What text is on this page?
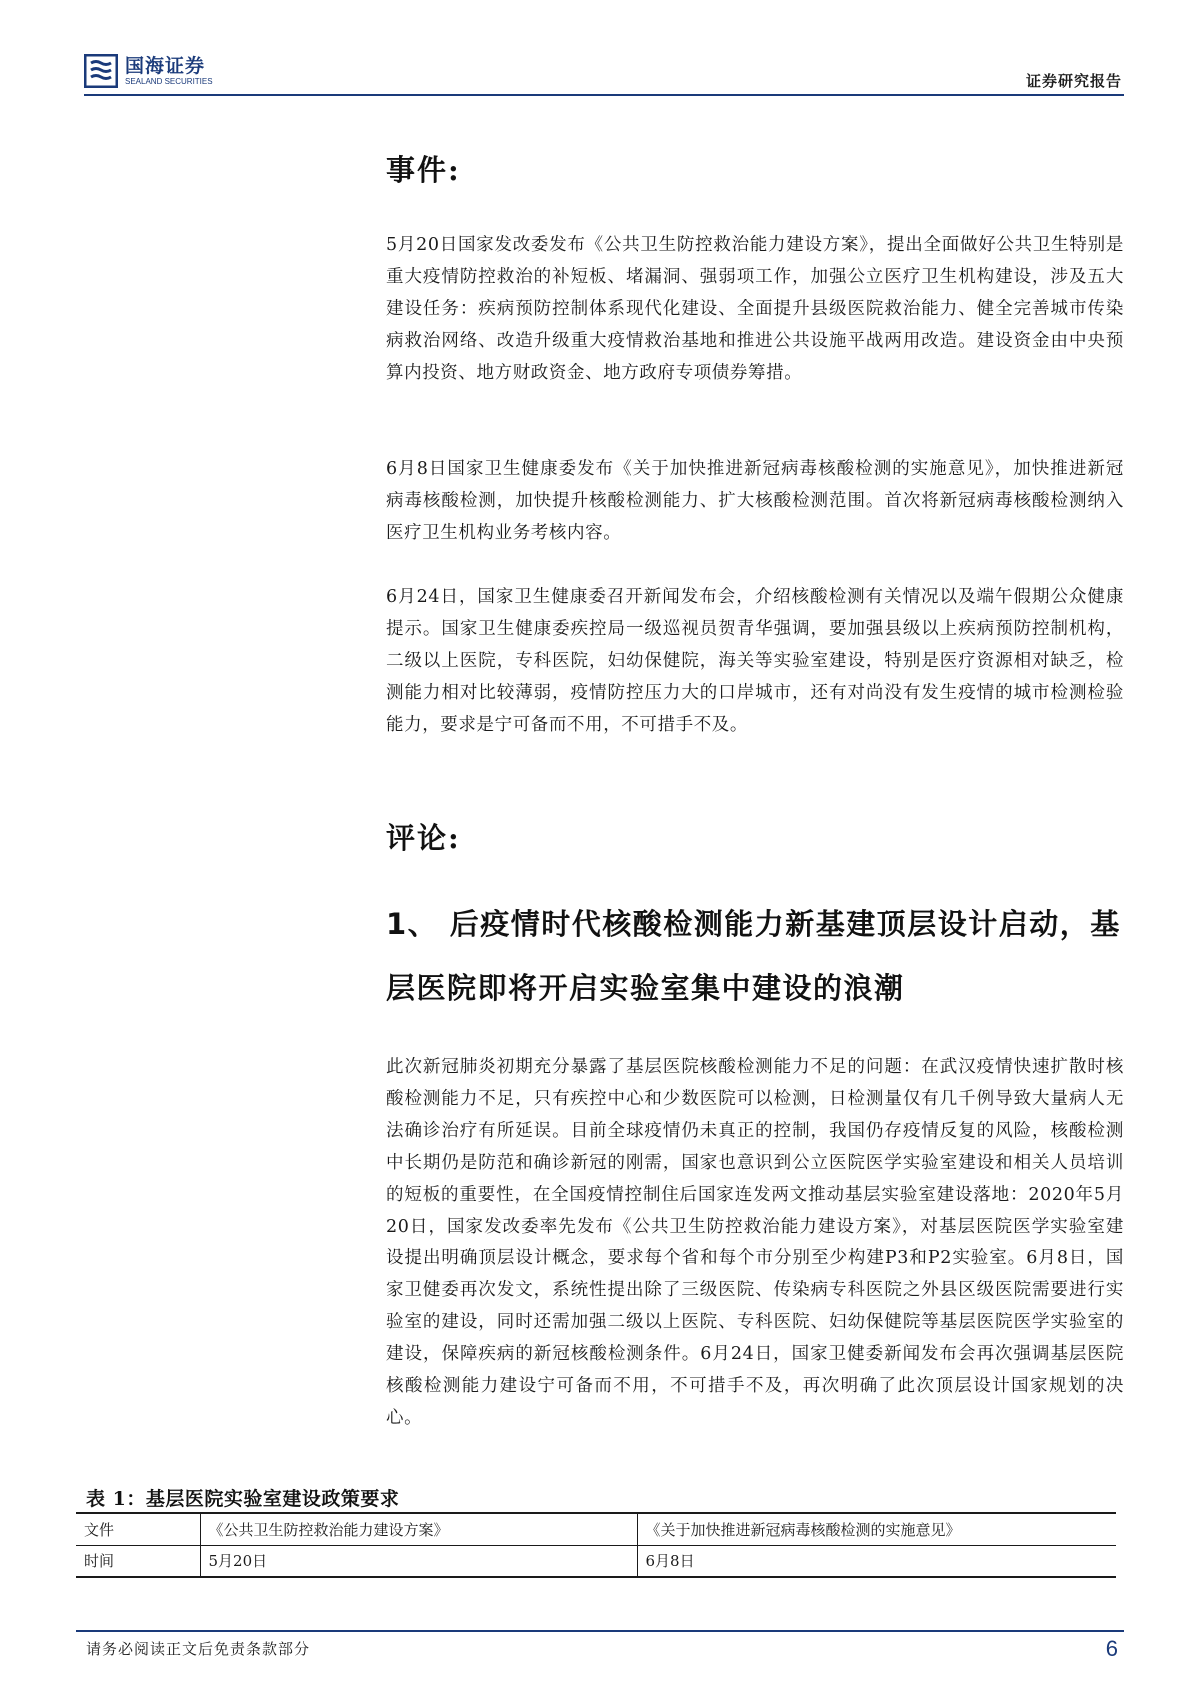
国海证券
SEALAND SECURITIES	证券研究报告
事件:

5月20日国家发改委发布《公共卫生防控救治能力建设方案》，提出全面做好公共卫生特别是重大疫情防控救治的补短板、堵漏洞、强弱项工作，加强公立医疗卫生机构建设，涉及五大建设任务：疾病预防控制体系现代化建设、全面提升县级医院救治能力、健全完善城市传染病救治网络、改造升级重大疫情救治基地和推进公共设施平战两用改造。建设资金由中央预算内投资、地方财政资金、地方政府专项债券筹措。

6月8日国家卫生健康委发布《关于加快推进新冠病毒核酸检测的实施意见》，加快推进新冠病毒核酸检测，加快提升核酸检测能力、扩大核酸检测范围。首次将新冠病毒核酸检测纳入医疗卫生机构业务考核内容。

6月24日，国家卫生健康委召开新闻发布会，介绍核酸检测有关情况以及端午假期公众健康提示。国家卫生健康委疾控局一级巡视员贺青华强调，要加强县级以上疾病预防控制机构，二级以上医院，专科医院，妇幼保健院，海关等实验室建设，特别是医疗资源相对缺乏，检测能力相对比较薄弱，疫情防控压力大的口岸城市，还有对尚没有发生疫情的城市检测检验能力，要求是宁可备而不用，不可措手不及。

评论:
1、 后疫情时代核酸检测能力新基建顶层设计启动，基层医院即将开启实验室集中建设的浪潮

此次新冠肺炎初期充分暴露了基层医院核酸检测能力不足的问题：在武汉疫情快速扩散时核酸检测能力不足，只有疾控中心和少数医院可以检测，日检测量仅有几千例导致大量病人无法确诊治疗有所延误。目前全球疫情仍未真正的控制，我国仍存疫情反复的风险，核酸检测中长期仍是防范和确诊新冠的刚需，国家也意识到公立医院医学实验室建设和相关人员培训的短板的重要性，在全国疫情控制住后国家连发两文推动基层实验室建设落地：2020年5月20日，国家发改委率先发布《公共卫生防控救治能力建设方案》，对基层医院医学实验室建设提出明确顶层设计概念，要求每个省和每个市分别至少构建P3和P2实验室。6月8日，国家卫健委再次发文，系统性提出除了三级医院、传染病专科医院之外县区级医院需要进行实验室的建设，同时还需加强二级以上医院、专科医院、妇幼保健院等基层医院医学实验室的建设，保障疾病的新冠核酸检测条件。6月24日，国家卫健委新闻发布会再次强调基层医院核酸检测能力建设宁可备而不用，不可措手不及，再次明确了此次顶层设计国家规划的决心。

表 1：基层医院实验室建设政策要求
文件	《公共卫生防控救治能力建设方案》	《关于加快推进新冠病毒核酸检测的实施意见》
时间	5月20日	6月8日
请务必阅读正文后免责条款部分	6
